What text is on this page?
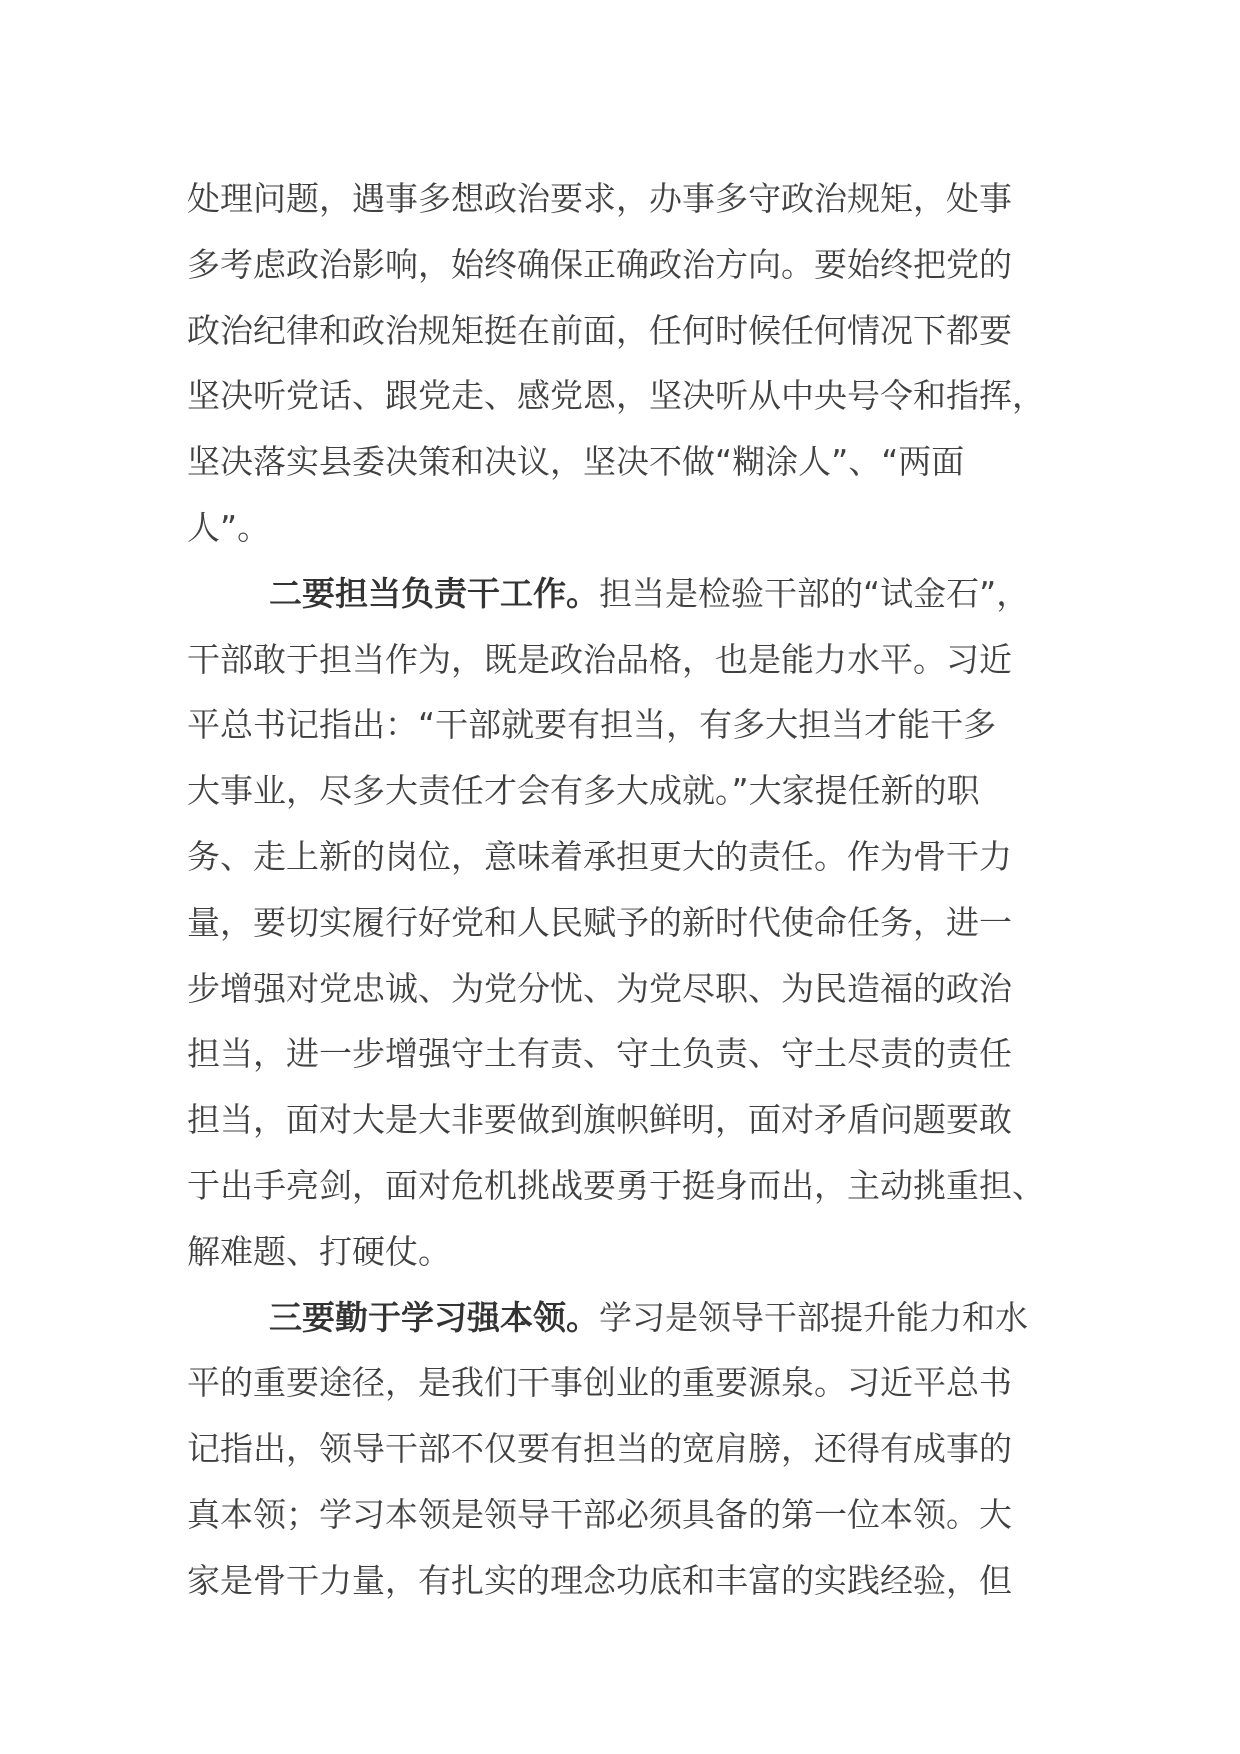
处理问题，遇事多想政治要求，办事多守政治规矩，处事
多考虑政治影响，始终确保正确政治方向。要始终把党的
政治纪律和政治规矩挺在前面，任何时候任何情况下都要
坚决听党话、跟党走、感党恩，坚决听从中央号令和指挥，
坚决落实县委决策和决议，坚决不做“糊涂人”、“两面
人”。
二要担当负责干工作。担当是检验干部的“试金石”，
干部敢于担当作为，既是政治品格，也是能力水平。习近
平总书记指出：“干部就要有担当，有多大担当才能干多
大事业，尽多大责任才会有多大成就。”大家提任新的职
务、走上新的岗位，意味着承担更大的责任。作为骨干力
量，要切实履行好党和人民赋予的新时代使命任务，进一
步增强对党忠诚、为党分忧、为党尽职、为民造福的政治
担当，进一步增强守土有责、守土负责、守土尽责的责任
担当，面对大是大非要做到旗帜鲜明，面对矛盾问题要敢
于出手亮剑，面对危机挑战要勇于挺身而出，主动挑重担、
解难题、打硬仗。
三要勤于学习强本领。学习是领导干部提升能力和水
平的重要途径，是我们干事创业的重要源泉。习近平总书
记指出，领导干部不仅要有担当的宽肩膀，还得有成事的
真本领；学习本领是领导干部必须具备的第一位本领。大
家是骨干力量，有扎实的理念功底和丰富的实践经验，但
